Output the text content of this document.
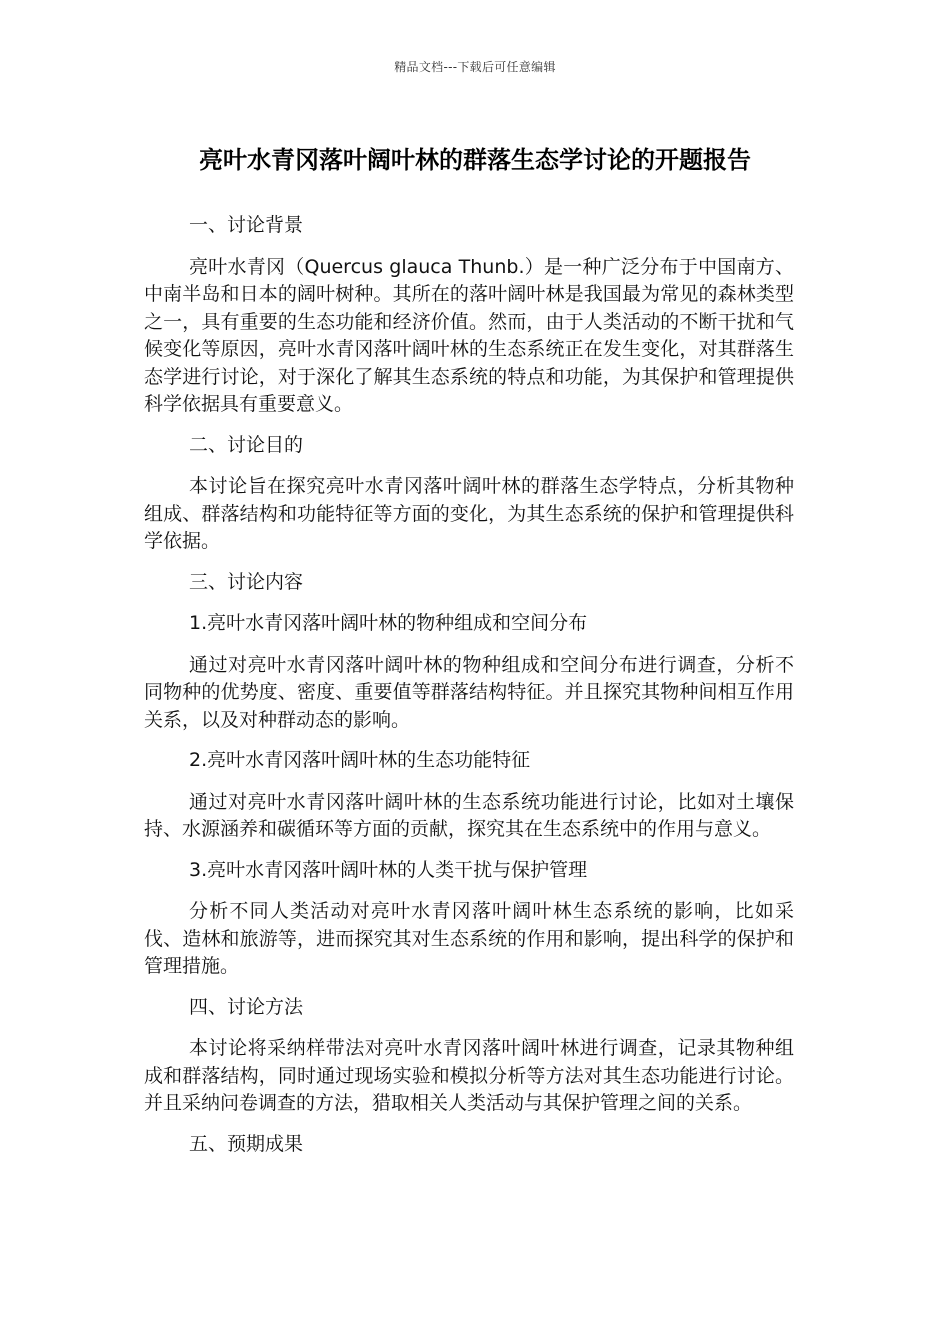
精品文档---下载后可任意编辑
亮叶水青冈落叶阔叶林的群落生态学讨论的开题报告

一、讨论背景

亮叶水青冈（Quercus glauca Thunb.）是一种广泛分布于中国南方、中南半岛和日本的阔叶树种。其所在的落叶阔叶林是我国最为常见的森林类型之一，具有重要的生态功能和经济价值。然而，由于人类活动的不断干扰和气候变化等原因，亮叶水青冈落叶阔叶林的生态系统正在发生变化，对其群落生态学进行讨论，对于深化了解其生态系统的特点和功能，为其保护和管理提供科学依据具有重要意义。

二、讨论目的

本讨论旨在探究亮叶水青冈落叶阔叶林的群落生态学特点，分析其物种组成、群落结构和功能特征等方面的变化，为其生态系统的保护和管理提供科学依据。

三、讨论内容

1.亮叶水青冈落叶阔叶林的物种组成和空间分布

通过对亮叶水青冈落叶阔叶林的物种组成和空间分布进行调查，分析不同物种的优势度、密度、重要值等群落结构特征。并且探究其物种间相互作用关系，以及对种群动态的影响。

2.亮叶水青冈落叶阔叶林的生态功能特征

通过对亮叶水青冈落叶阔叶林的生态系统功能进行讨论，比如对土壤保持、水源涵养和碳循环等方面的贡献，探究其在生态系统中的作用与意义。

3.亮叶水青冈落叶阔叶林的人类干扰与保护管理

分析不同人类活动对亮叶水青冈落叶阔叶林生态系统的影响，比如采伐、造林和旅游等，进而探究其对生态系统的作用和影响，提出科学的保护和管理措施。

四、讨论方法

本讨论将采纳样带法对亮叶水青冈落叶阔叶林进行调查，记录其物种组成和群落结构，同时通过现场实验和模拟分析等方法对其生态功能进行讨论。并且采纳问卷调查的方法，猎取相关人类活动与其保护管理之间的关系。

五、预期成果
